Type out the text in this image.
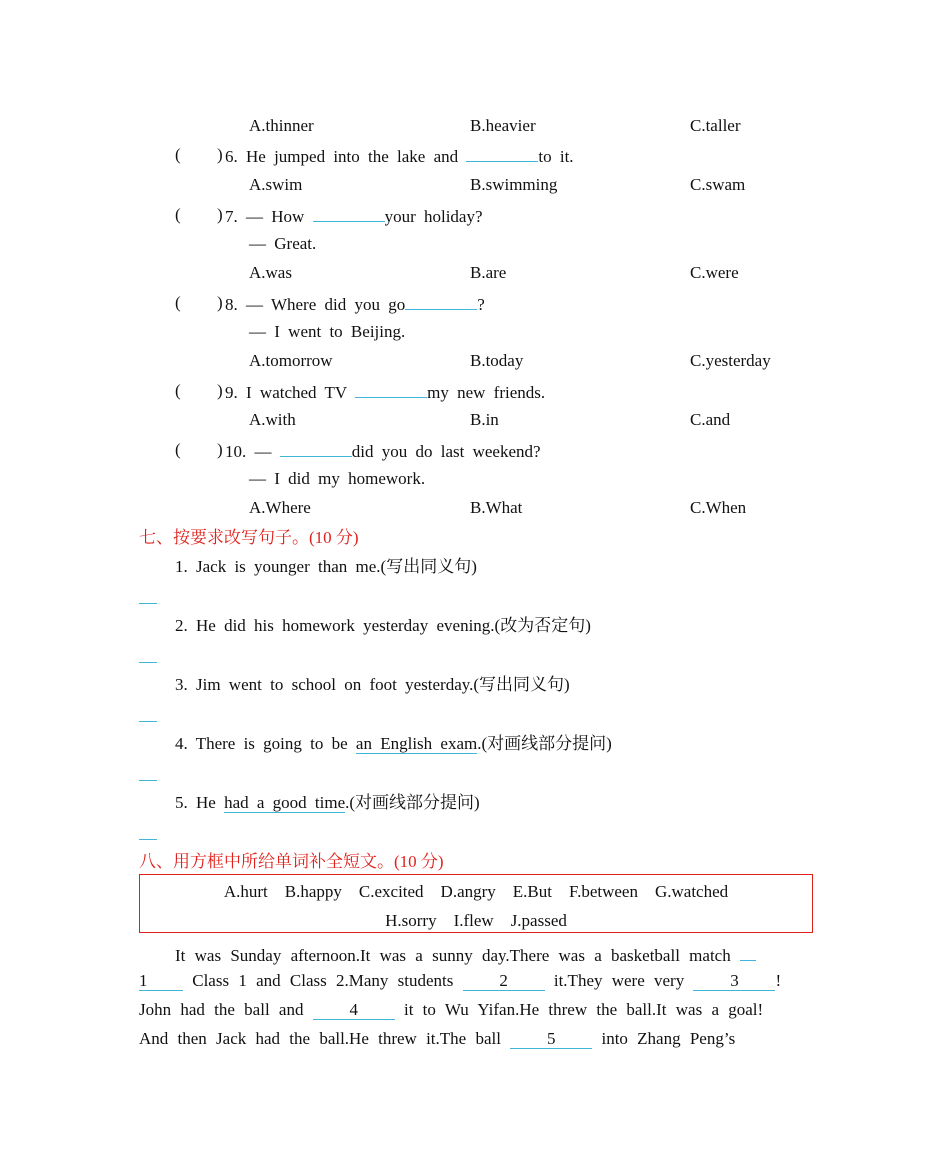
A.thinner	B.heavier	C.taller
( ) 6. He jumped into the lake and	to it.
A.swim	B.swimming	C.swam
( ) 7. — How	your holiday?
— Great.
A.was	B.are	C.were
( ) 8. — Where did you go	?
— I went to Beijing.
A.tomorrow	B.today	C.yesterday
( ) 9. I watched TV	my new friends.
A.with	B.in	C.and
( ) 10. —	did you do last weekend?
— I did my homework.
A.Where	B.What	C.When
七、按要求改写句子。(10 分)
1. Jack is younger than me.(写出同义句)
2. He did his homework yesterday evening.(改为否定句)
3. Jim went to school on foot yesterday.(写出同义句)
4. There is going to be an English exam.(对画线部分提问)
5. He had a good time.(对画线部分提问)
八、用方框中所给单词补全短文。(10 分)
A.hurt    B.happy    C.excited    D.angry    E.But    F.between    G.watched
H.sorry    I.flew    J.passed
It was Sunday afternoon.It was a sunny day.There was a basketball match
1	Class 1 and Class 2.Many students	2	it.They were very	3 !
John had the ball and	4	it to Wu Yifan.He threw the ball.It was a goal!
And then Jack had the ball.He threw it.The ball	5	into Zhang Peng’s
